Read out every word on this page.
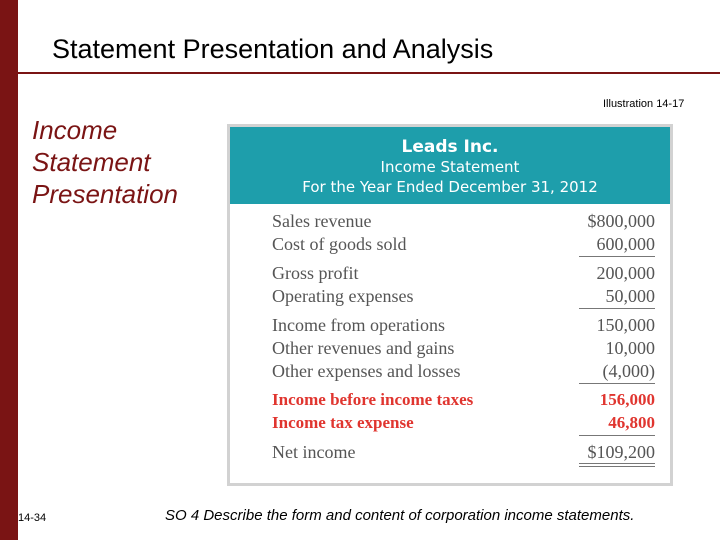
Statement Presentation and Analysis
Illustration 14-17
Income
Statement
Presentation
Leads Inc.
Income Statement
For the Year Ended December 31, 2012
Sales revenue	$800,000
Cost of goods sold	600,000
Gross profit	200,000
Operating expenses	50,000
Income from operations	150,000
Other revenues and gains	10,000
Other expenses and losses	(4,000)
Income before income taxes	156,000
Income tax expense	46,800
Net income	$109,200
14-34	SO 4 Describe the form and content of corporation income statements.
